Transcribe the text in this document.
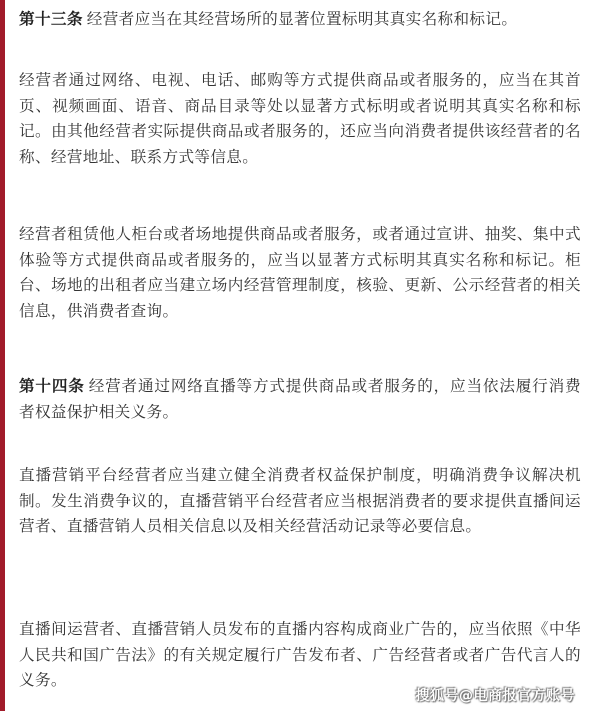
第十三条 经营者应当在其经营场所的显著位置标明其真实名称和标记。

经营者通过网络、电视、电话、邮购等方式提供商品或者服务的，应当在其首页、视频画面、语音、商品目录等处以显著方式标明或者说明其真实名称和标记。由其他经营者实际提供商品或者服务的，还应当向消费者提供该经营者的名称、经营地址、联系方式等信息。

经营者租赁他人柜台或者场地提供商品或者服务，或者通过宣讲、抽奖、集中式体验等方式提供商品或者服务的，应当以显著方式标明其真实名称和标记。柜台、场地的出租者应当建立场内经营管理制度，核验、更新、公示经营者的相关信息，供消费者查询。

第十四条 经营者通过网络直播等方式提供商品或者服务的，应当依法履行消费者权益保护相关义务。

直播营销平台经营者应当建立健全消费者权益保护制度，明确消费争议解决机制。发生消费争议的，直播营销平台经营者应当根据消费者的要求提供直播间运营者、直播营销人员相关信息以及相关经营活动记录等必要信息。

直播间运营者、直播营销人员发布的直播内容构成商业广告的，应当依照《中华人民共和国广告法》的有关规定履行广告发布者、广告经营者或者广告代言人的义务。

搜狐号@电商报官方账号
